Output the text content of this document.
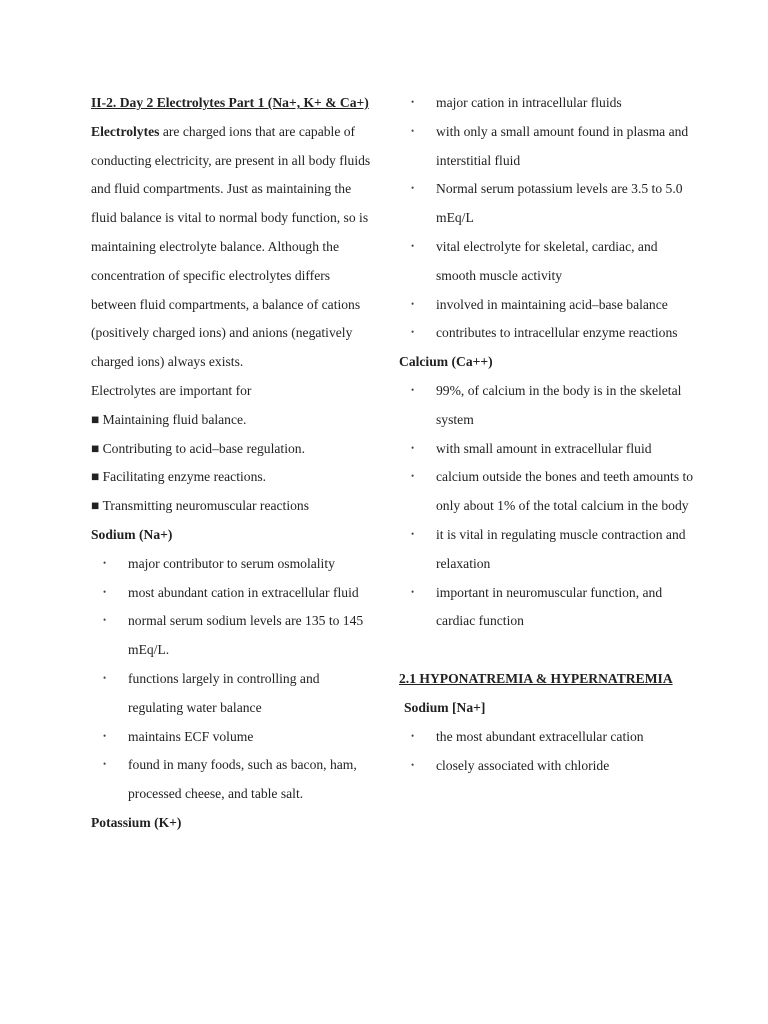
II-2. Day 2 Electrolytes Part 1 (Na+, K+ & Ca+)

Electrolytes are charged ions that are capable of conducting electricity, are present in all body fluids and fluid compartments. Just as maintaining the fluid balance is vital to normal body function, so is maintaining electrolyte balance. Although the concentration of specific electrolytes differs between fluid compartments, a balance of cations (positively charged ions) and anions (negatively charged ions) always exists.

Electrolytes are important for

■ Maintaining fluid balance.

■ Contributing to acid–base regulation.

■ Facilitating enzyme reactions.

■ Transmitting neuromuscular reactions

Sodium (Na+)

• major contributor to serum osmolality
• most abundant cation in extracellular fluid
• normal serum sodium levels are 135 to 145 mEq/L.
• functions largely in controlling and regulating water balance
• maintains ECF volume
• found in many foods, such as bacon, ham, processed cheese, and table salt.

Potassium (K+)

• major cation in intracellular fluids
• with only a small amount found in plasma and interstitial fluid
• Normal serum potassium levels are 3.5 to 5.0 mEq/L
• vital electrolyte for skeletal, cardiac, and smooth muscle activity
• involved in maintaining acid–base balance
• contributes to intracellular enzyme reactions

Calcium (Ca++)

• 99%, of calcium in the body is in the skeletal system
• with small amount in extracellular fluid
• calcium outside the bones and teeth amounts to only about 1% of the total calcium in the body
• it is vital in regulating muscle contraction and relaxation
• important in neuromuscular function, and cardiac function

2.1 HYPONATREMIA & HYPERNATREMIA

Sodium [Na+]

• the most abundant extracellular cation
• closely associated with chloride
